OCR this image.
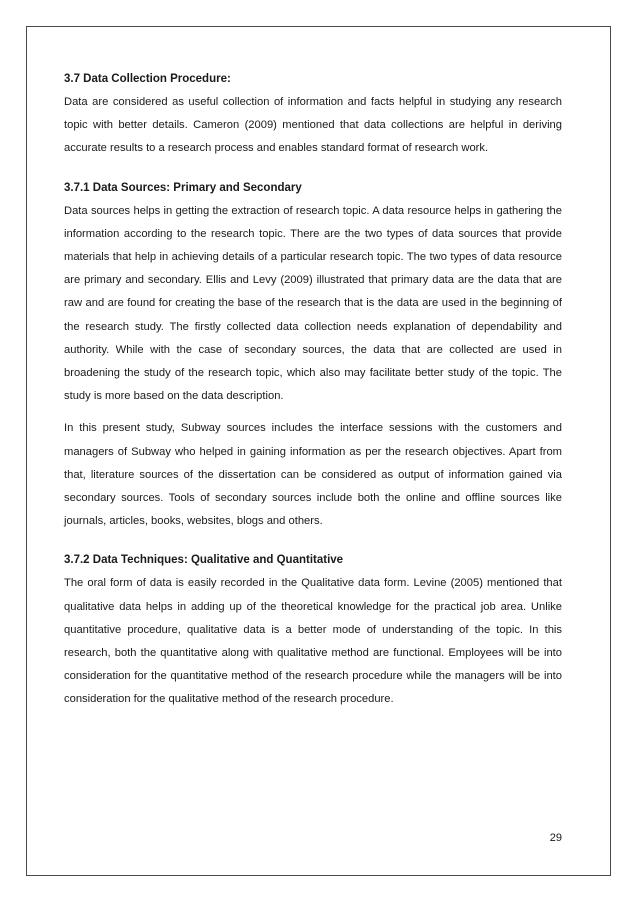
3.7 Data Collection Procedure:

Data are considered as useful collection of information and facts helpful in studying any research topic with better details. Cameron (2009) mentioned that data collections are helpful in deriving accurate results to a research process and enables standard format of research work.

3.7.1 Data Sources: Primary and Secondary

Data sources helps in getting the extraction of research topic. A data resource helps in gathering the information according to the research topic. There are the two types of data sources that provide materials that help in achieving details of a particular research topic. The two types of data resource are primary and secondary. Ellis and Levy (2009) illustrated that primary data are the data that are raw and are found for creating the base of the research that is the data are used in the beginning of the research study. The firstly collected data collection needs explanation of dependability and authority. While with the case of secondary sources, the data that are collected are used in broadening the study of the research topic, which also may facilitate better study of the topic. The study is more based on the data description.

In this present study, Subway sources includes the interface sessions with the customers and managers of Subway who helped in gaining information as per the research objectives. Apart from that, literature sources of the dissertation can be considered as output of information gained via secondary sources. Tools of secondary sources include both the online and offline sources like journals, articles, books, websites, blogs and others.

3.7.2 Data Techniques: Qualitative and Quantitative

The oral form of data is easily recorded in the Qualitative data form. Levine (2005) mentioned that qualitative data helps in adding up of the theoretical knowledge for the practical job area. Unlike quantitative procedure, qualitative data is a better mode of understanding of the topic. In this research, both the quantitative along with qualitative method are functional. Employees will be into consideration for the quantitative method of the research procedure while the managers will be into consideration for the qualitative method of the research procedure.

29
